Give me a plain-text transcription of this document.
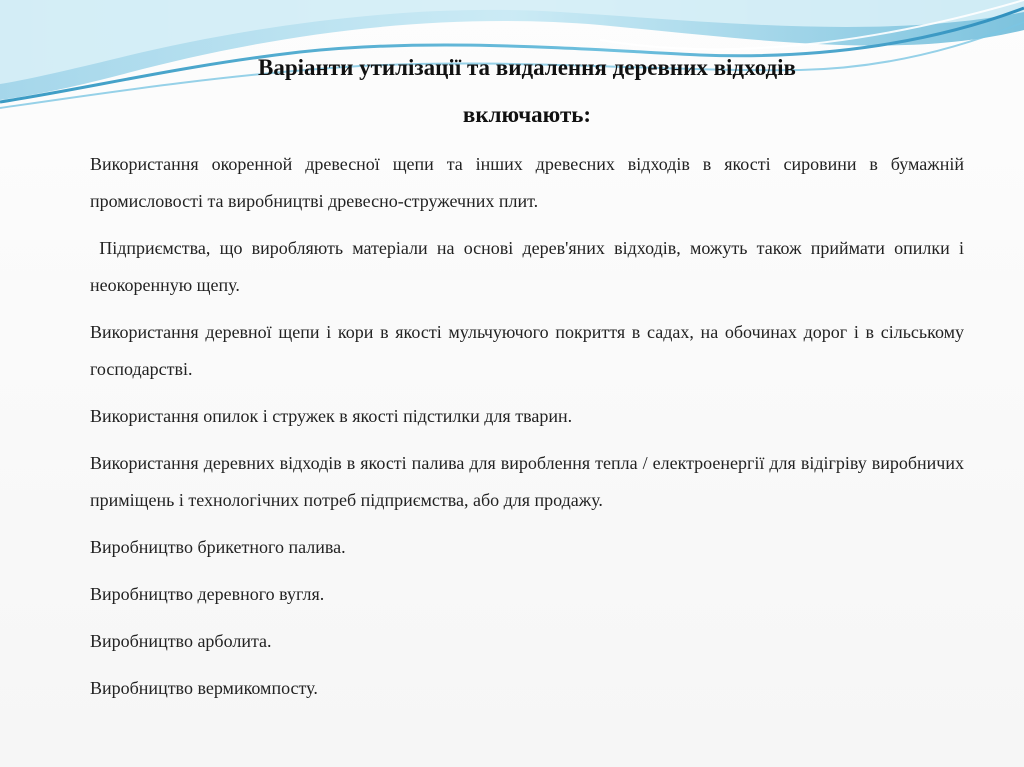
Варіанти утилізації та видалення деревних відходів
включають:

Використання окоренной древесної щепи та інших древесних відходів в якості сировини в бумажній промисловості та виробництві древесно-стружечних плит.

Підприємства, що виробляють матеріали на основі дерев'яних відходів, можуть також приймати опилки і неокоренную щепу.

Використання деревної щепи і кори в якості мульчуючого покриття в садах, на обочинах дорог і в сільському господарстві.

Використання опилок і стружек в якості підстилки для тварин.

Використання деревних відходів в якості палива для вироблення тепла / електроенергії для відігріву виробничих приміщень і технологічних потреб підприємства, або для продажу.

Виробництво брикетного палива.

Виробництво деревного вугля.

Виробництво арболита.

Виробництво вермикомпосту.
